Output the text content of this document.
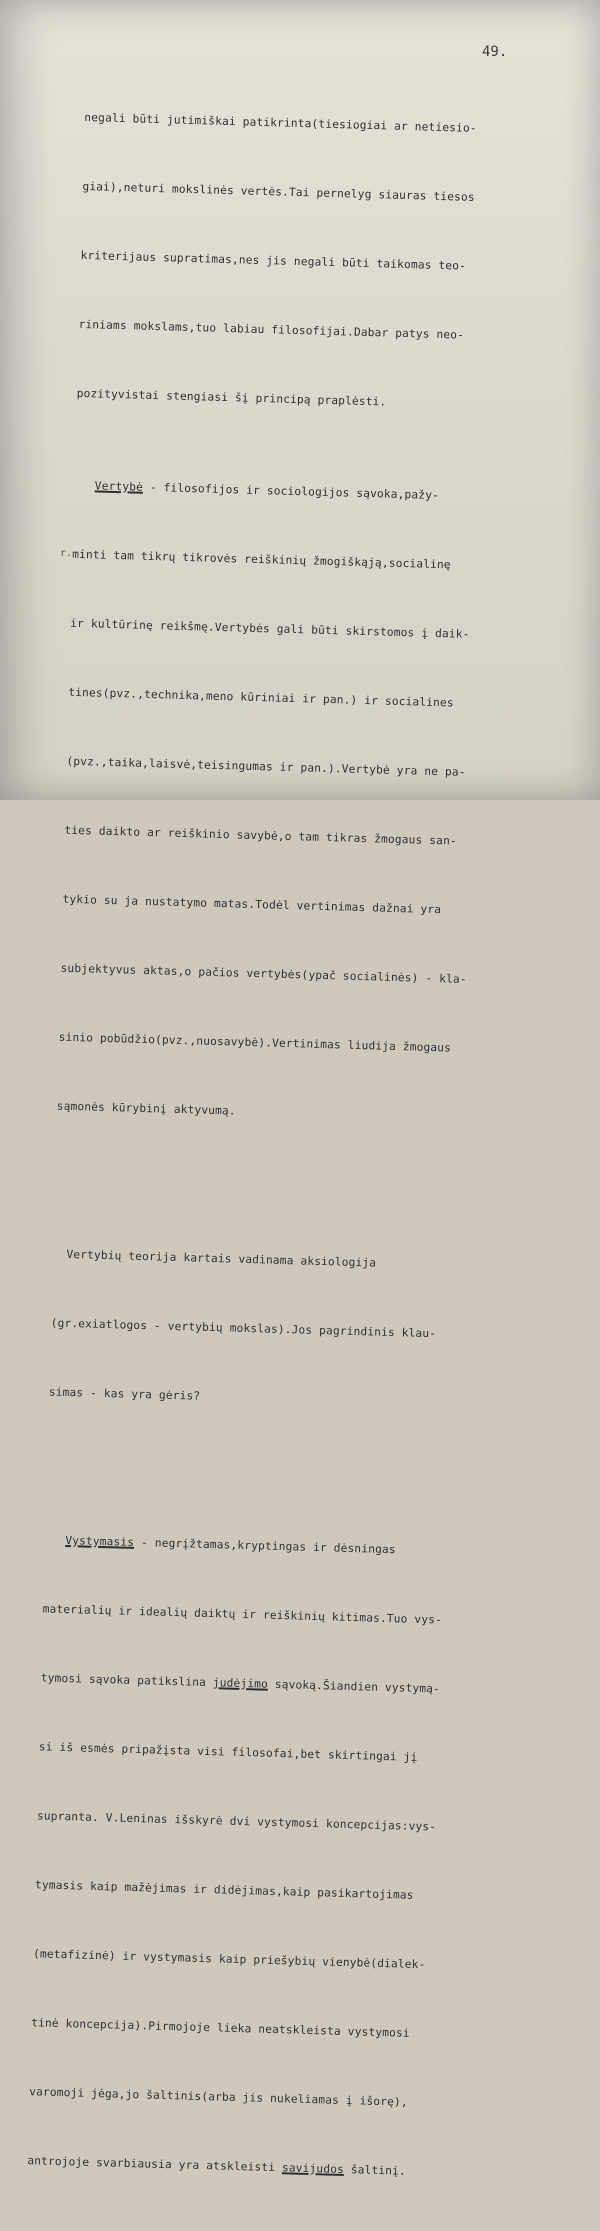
49.
r.

negali būti jutimiškai patikrinta(tiesiogiai ar netiesio-

giai),neturi mokslinės vertės.Tai pernelyg siauras tiesos

kriterijaus supratimas,nes jis negali būti taikomas teo-

riniams mokslams,tuo labiau filosofijai.Dabar patys neo-

pozityvistai stengiasi šį principą praplėsti.

Vertybė - filosofijos ir sociologijos sąvoka,pažy-

minti tam tikrų tikrovės reiškinių žmogiškąją,socialinę

ir kultūrinę reikšmę.Vertybės gali būti skirstomos į daik-

tines(pvz.,technika,meno kūriniai ir pan.) ir socialines

(pvz.,taika,laisvė,teisingumas ir pan.).Vertybė yra ne pa-

ties daikto ar reiškinio savybė,o tam tikras žmogaus san-

tykio su ja nustatymo matas.Todėl vertinimas dažnai yra

subjektyvus aktas,o pačios vertybės(ypač socialinės) - kla-

sinio pobūdžio(pvz.,nuosavybė).Vertinimas liudija žmogaus

sąmonės kūrybinį aktyvumą.

Vertybių teorija kartais vadinama aksiologija

(gr.exiatlogos - vertybių mokslas).Jos pagrindinis klau-

simas - kas yra gėris?

Vystymasis - negrįžtamas,kryptingas ir dėsningas

materialių ir idealių daiktų ir reiškinių kitimas.Tuo vys-

tymosi sąvoka patikslina judėjimo sąvoką.Šiandien vystymą-

si iš esmės pripažįsta visi filosofai,bet skirtingai jį

supranta. V.Leninas išskyrė dvi vystymosi koncepcijas:vys-

tymasis kaip mažėjimas ir didėjimas,kaip pasikartojimas

(metafizinė) ir vystymasis kaip priešybių vienybė(dialek-

tinė koncepcija).Pirmojoje lieka neatskleista vystymosi

varomoji jėga,jo šaltinis(arba jis nukeliamas į išorę),

antrojoje svarbiausia yra atskleisti savijudos šaltinį.
